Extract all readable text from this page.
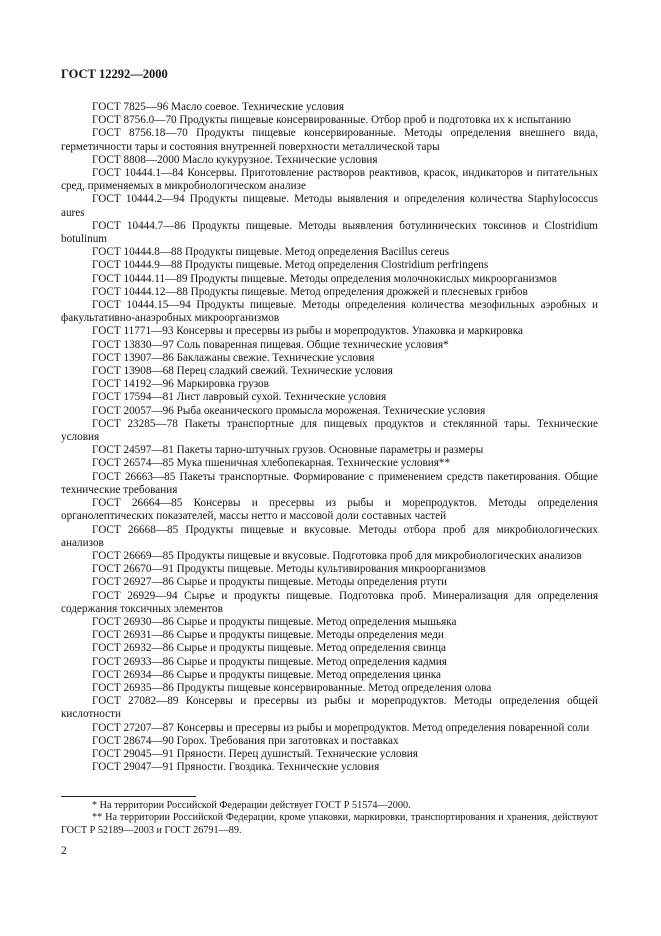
ГОСТ 12292—2000

ГОСТ 7825—96 Масло соевое. Технические условия

ГОСТ 8756.0—70 Продукты пищевые консервированные. Отбор проб и подготовка их к испытанию

ГОСТ 8756.18—70 Продукты пищевые консервированные. Методы определения внешнего вида, герметичности тары и состояния внутренней поверхности металлической тары

ГОСТ 8808—2000 Масло кукурузное. Технические условия

ГОСТ 10444.1—84 Консервы. Приготовление растворов реактивов, красок, индикаторов и питательных сред, применяемых в микробиологическом анализе

ГОСТ 10444.2—94 Продукты пищевые. Методы выявления и определения количества Staphylococcus aures

ГОСТ 10444.7—86 Продукты пищевые. Методы выявления ботулинических токсинов и Clostridium botulinum

ГОСТ 10444.8—88 Продукты пищевые. Метод определения Bacillus cereus

ГОСТ 10444.9—88 Продукты пищевые. Метод определения Clostridium perfringens

ГОСТ 10444.11—89 Продукты пищевые. Методы определения молочнокислых микроорганизмов

ГОСТ 10444.12—88 Продукты пищевые. Метод определения дрожжей и плесневых грибов

ГОСТ 10444.15—94 Продукты пищевые. Методы определения количества мезофильных аэробных и факультативно-анаэробных микроорганизмов

ГОСТ 11771—93 Консервы и пресервы из рыбы и морепродуктов. Упаковка и маркировка

ГОСТ 13830—97 Соль поваренная пищевая. Общие технические условия*

ГОСТ 13907—86 Баклажаны свежие. Технические условия

ГОСТ 13908—68 Перец сладкий свежий. Технические условия

ГОСТ 14192—96 Маркировка грузов

ГОСТ 17594—81 Лист лавровый сухой. Технические условия

ГОСТ 20057—96 Рыба океанического промысла мороженая. Технические условия

ГОСТ 23285—78 Пакеты транспортные для пищевых продуктов и стеклянной тары. Технические условия

ГОСТ 24597—81 Пакеты тарно-штучных грузов. Основные параметры и размеры

ГОСТ 26574—85 Мука пшеничная хлебопекарная. Технические условия**

ГОСТ 26663—85 Пакеты транспортные. Формирование с применением средств пакетирования. Общие технические требования

ГОСТ 26664—85 Консервы и пресервы из рыбы и морепродуктов. Методы определения органолептических показателей, массы нетто и массовой доли составных частей

ГОСТ 26668—85 Продукты пищевые и вкусовые. Методы отбора проб для микробиологических анализов

ГОСТ 26669—85 Продукты пищевые и вкусовые. Подготовка проб для микробиологических анализов

ГОСТ 26670—91 Продукты пищевые. Методы культивирования микроорганизмов

ГОСТ 26927—86 Сырье и продукты пищевые. Методы определения ртути

ГОСТ 26929—94 Сырье и продукты пищевые. Подготовка проб. Минерализация для определения содержания токсичных элементов

ГОСТ 26930—86 Сырье и продукты пищевые. Метод определения мышьяка

ГОСТ 26931—86 Сырье и продукты пищевые. Методы определения меди

ГОСТ 26932—86 Сырье и продукты пищевые. Метод определения свинца

ГОСТ 26933—86 Сырье и продукты пищевые. Метод определения кадмия

ГОСТ 26934—86 Сырье и продукты пищевые. Метод определения цинка

ГОСТ 26935—86 Продукты пищевые консервированные. Метод определения олова

ГОСТ 27082—89 Консервы и пресервы из рыбы и морепродуктов. Методы определения общей кислотности

ГОСТ 27207—87 Консервы и пресервы из рыбы и морепродуктов. Метод определения поваренной соли

ГОСТ 28674—90 Горох. Требования при заготовках и поставках

ГОСТ 29045—91 Пряности. Перец душистый. Технические условия

ГОСТ 29047—91 Пряности. Гвоздика. Технические условия

* На территории Российской Федерации действует ГОСТ Р 51574—2000.

** На территории Российской Федерации, кроме упаковки, маркировки, транспортирования и хранения, действуют ГОСТ Р 52189—2003 и ГОСТ 26791—89.

2
